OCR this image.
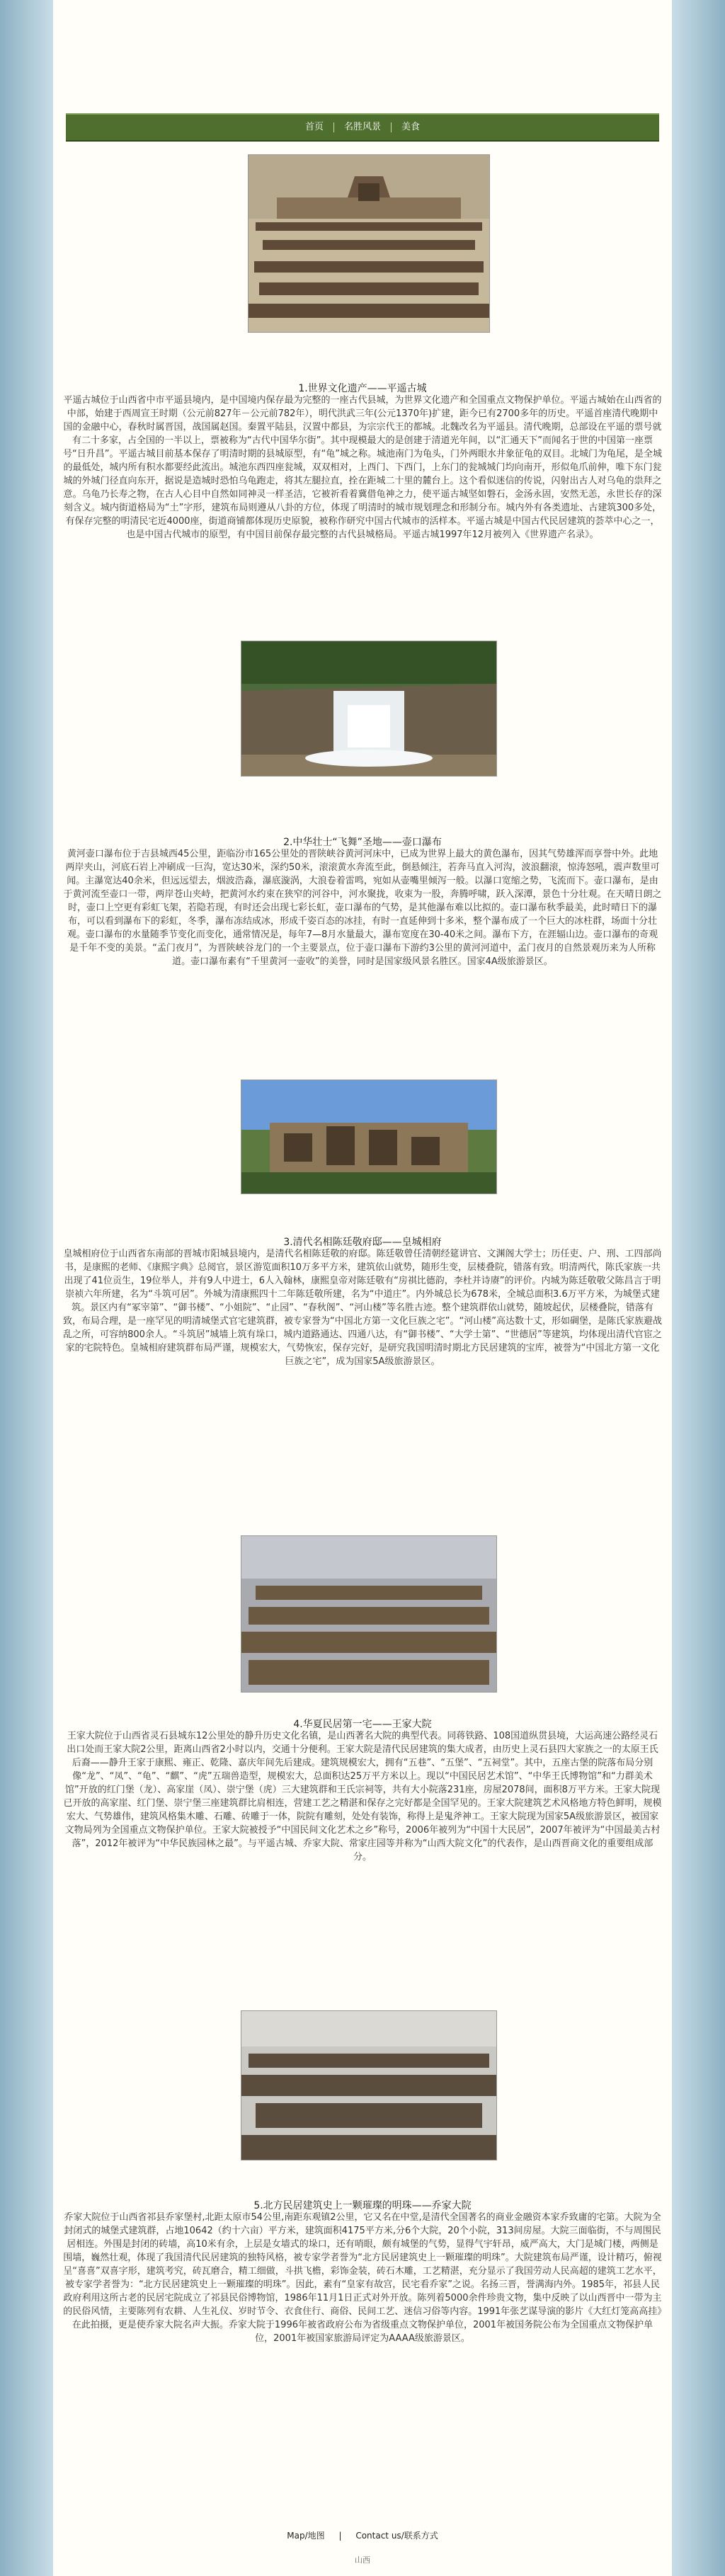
首页	名胜风景	美食
1.世界文化遗产——平遥古城
平遥古城位于山西省中市平遥县境内，是中国境内保存最为完整的一座古代县城，为世界文化遗产和全国重点文物保护单位。平遥古城始在山西省的中部，始建于西周宣王时期（公元前827年－公元前782年），明代洪武三年(公元1370年)扩建，距今已有2700多年的历史。平遥首座清代晚期中国的金融中心，春秋时属晋国，战国属赵国。秦置平陆县，汉置中都县，为宗宗代王的都城。北魏改名为平遥县。清代晚期，总部设在平遥的票号就有二十多家，占全国的一半以上，票被称为“古代中国华尔街”。其中现模最大的是创建于清道光年间，以“汇通天下”而闻名于世的中国第一座票号“日升昌”。平遥古城目前基本保存了明清时期的县城原型，有“龟”城之称。城池南门为龟头，门外两眼水井象征龟的双目。北城门为龟尾，是全城的最低处，城内所有积水都要经此流出。城池东西四座瓮城，双双相对，上西门、下西门，上东门的瓮城城门均向南开，形似龟爪前伸，唯下东门瓮城的外城门径直向东开，据说是造城时恐怕乌龟跑走，将其左腿拉直，拴在距城二十里的麓台上。这个看似迷信的传说，闪射出古人对乌龟的祟拜之意。乌龟乃长寿之物，在古人心目中自然如同神灵一样圣洁，它被祈看着冀借龟神之力，使平遥古城坚如磐石，金汤永固，安然无恙，永世长存的深刻含义。城内街道格局为“土”字形，建筑布局则遵从八卦的方位，体现了明清时的城市规划理念和形制分布。城内外有各类遗址、古建筑300多处，有保存完整的明清民宅近4000座，街道商铺都体现历史原貌，被称作研究中国古代城市的活样本。平遥古城是中国古代民居建筑的荟萃中心之一，也是中国古代城市的原型，有中国目前保存最完整的古代县城格局。平遥古城1997年12月被列入《世界遗产名录》。
2.中华壮士“飞舞”圣地——壶口瀑布
黄河壶口瀑布位于吉县城西45公里，距临汾市165公里处的晋陕峡谷黄河河床中，已成为世界上最大的黄色瀑布，因其气势雄浑而享誉中外。此地两岸夹山，河底石岩上冲刷成一巨沟，宽达30米，深约50米，滚滚黄水奔流至此，倒悬倾注，若奔马直入河沟，波浪翻滚，惊涛怒吼，震声数里可闻。主瀑宽达40余米，但远远望去，烟波浩淼，瀑底漩涡，大浪卷着雷鸣，宛如从壶嘴里倾泻一般。以瀑口宽缩之势，飞流而下。壶口瀑布，是由于黄河流至壶口一带，两岸苍山夹峙，把黄河水约束在狭窄的河谷中，河水聚拢，收束为一股，奔腾呼啸，跃入深潭，景色十分壮观。在天晴日朗之时，壶口上空更有彩虹飞架，若隐若现，有时还会出现七彩长虹，壶口瀑布的气势，是其他瀑布难以比拟的。壶口瀑布秋季最美，此时晴日下的瀑布，可以看到瀑布下的彩虹，冬季，瀑布冻结成冰，形成千姿百态的冰挂，有时一直延伸到十多米，整个瀑布成了一个巨大的冰柱群，场面十分壮观。壶口瀑布的水量随季节变化而变化，通常情况是，每年7—8月水量最大，瀑布宽度在30-40米之间。瀑布下方，在涯辐山边。壶口瀑布的奇观是千年不变的美景。“孟门夜月”，为晋陕峡谷龙门的一个主要景点，位于壶口瀑布下游约3公里的黄河河道中，孟门夜月的自然景观历来为人所称道。壶口瀑布素有“千里黄河一壶收”的美誉，同时是国家级风景名胜区。国家4A级旅游景区。
3.清代名相陈廷敬府邸——皇城相府
皇城相府位于山西省东南部的晋城市阳城县境内，是清代名相陈廷敬的府邸。陈廷敬曾任清朝经筵讲官、文渊阁大学士；历任吏、户、刑、工四部尚书，是康熙的老师、《康熙字典》总阅官，景区游览面积10万多平方米，建筑依山就势，随形生变，层楼叠院，错落有致。明清两代，陈氏家族一共出现了41位贡生，19位举人，并有9人中进士，6人入翰林，康熙皇帝对陈廷敬有“房祺比德韵，李杜并诗赓”的评价。内城为陈廷敬敬父陈昌言于明崇祯六年所建，名为“斗筑可居”。外城为清康熙四十二年陈廷敬所建，名为“中道庄”。内外城总长为678米，全城总面积3.6万平方米，为城堡式建筑。景区内有“冢宰第”、“御书楼”、“小姐院”、“止园”、“春秋阁”、“河山楼”等名胜古迹。整个建筑群依山就势，随坡起伏，层楼叠院，错落有致，布局合理，是一座罕见的明清城堡式官宅建筑群，被专家誉为“中国北方第一文化巨族之宅”。“河山楼”高达数十丈，形如碉堡，是陈氏家族避战乱之所，可容纳800余人。“斗筑居”城墙上筑有垛口，城内道路通达、四通八达，有“御书楼”、“大学士第”、“世德居”等建筑，均体现出清代官宦之家的宅院特色。皇城相府建筑群布局严谨，规模宏大，气势恢宏，保存完好，是研究我国明清时期北方民居建筑的宝库，被誉为“中国北方第一文化巨族之宅”，成为国家5A级旅游景区。
4.华夏民居第一宅——王家大院
王家大院位于山西省灵石县城东12公里处的静升历史文化名镇，是山西著名大院的典型代表。同蒋铁路、108国道纵贯县境，大运高速公路经灵石出口处而王家大院2公里，距离山西省2小时以内，交通十分便利。王家大院是清代民居建筑的集大成者，由历史上灵石县四大家族之一的太原王氏后裔——静升王家于康熙、雍正、乾隆、嘉庆年间先后建成。建筑规模宏大，拥有“五巷”、“五堡”、“五祠堂”。其中，五座古堡的院落布局分别像“龙”、“凤”、“龟”、“麒”、“虎”五瑞兽造型，规模宏大，总面积达25万平方米以上。现以“中国民居艺术馆”、“中华王氏博物馆”和“力群美术馆”开放的红门堡（龙）、高家崖（凤）、崇宁堡（虎）三大建筑群和王氏宗祠等，共有大小院落231座，房屋2078间，面积8万平方米。王家大院现已开放的高家崖、红门堡、崇宁堡三座建筑群比肩相连，营建工艺之精湛和保存之完好都是全国罕见的。王家大院建筑艺术风格地方特色鲜明，规模宏大、气势雄伟，建筑风格集木雕、石雕、砖雕于一体，院院有雕刻，处处有装饰，称得上是鬼斧神工。王家大院现为国家5A级旅游景区，被国家文物局列为全国重点文物保护单位。王家大院被授予“中国民间文化艺术之乡”称号，2006年被列为“中国十大民居”，2007年被评为“中国最美古村落”，2012年被评为“中华民族园林之最”。与平遥古城、乔家大院、常家庄园等并称为“山西大院文化”的代表作，是山西晋商文化的重要组成部分。
5.北方民居建筑史上一颗璀璨的明珠——乔家大院
乔家大院位于山西省祁县乔家堡村,北距太原市54公里,南距东观镇2公里，它又名在中堂,是清代全国著名的商业金融资本家乔致庸的宅第。大院为全封闭式的城堡式建筑群，占地10642（约十六亩）平方米，建筑面积4175平方米,分6个大院，20个小院，313间房屋。大院三面临街，不与周围民居相连。外围是封闭的砖墙，高10米有余，上层是女墙式的垛口，还有哨眼，颇有城堡的气势，显得气宇轩昂，威严高大，大门是城门楼，两侧是围墙，巍然壮观，体现了我国清代民居建筑的独特风格，被专家学者誉为“北方民居建筑史上一颗璀璨的明珠”。大院建筑布局严谨，设计精巧，俯视呈“喜喜”双喜字形，建筑考究，砖瓦磨合，精工细做，斗拱飞檐，彩饰金装，砖石木雕，工艺精湛，充分显示了我国劳动人民高超的建筑工艺水平，被专家学者誉为：“北方民居建筑史上一颗璀璨的明珠”。因此，素有“皇家有故宫，民宅看乔家”之说。名扬三晋，誉满海内外。1985年，祁县人民政府利用这所古老的民居宅院成立了祁县民俗博物馆，1986年11月1日正式对外开放。陈列着5000余件珍贵文物，集中反映了以山西晋中一带为主的民俗风情，主要陈列有农耕、人生礼仪、岁时节令、衣食住行、商俗、民间工艺、迷信习俗等内容。1991年张艺谋导演的影片《大红灯笼高高挂》在此拍摄，更是使乔家大院名声大振。乔家大院于1996年被省政府公布为省级重点文物保护单位，2001年被国务院公布为全国重点文物保护单位，2001年被国家旅游局评定为AAAA级旅游景区。
Map/地图 | Contact us/联系方式
山西
